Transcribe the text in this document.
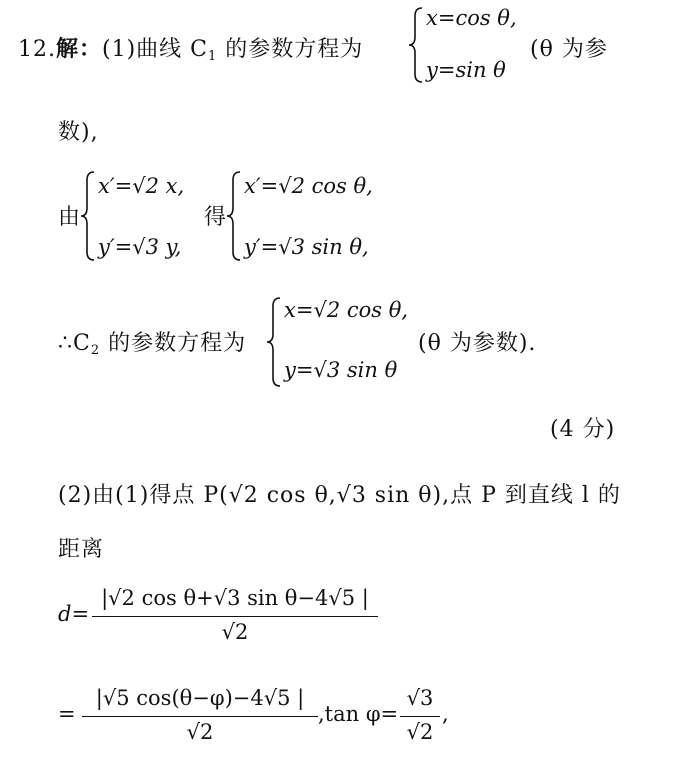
12.解：(1)曲线 $C_1$ 的参数方程为
x=cos θ,
y=sin θ
(θ 为参
数),
由
x′=√2 x,
y′=√3 y,
得
x′=√2 cos θ,
y′=√3 sin θ,
$\therefore C_2$ 的参数方程为
x=√2 cos θ,
y=√3 sin θ
(θ 为参数).
(4 分)
(2)由(1)得点 P(√2 cos θ,√3 sin θ),点 P 到直线 l 的
距离
d=
|√2 cos θ+√3 sin θ−4√5 |
√2
=
|√5 cos(θ−φ)−4√5 |
√2
,tan φ=
√3
√2
,
